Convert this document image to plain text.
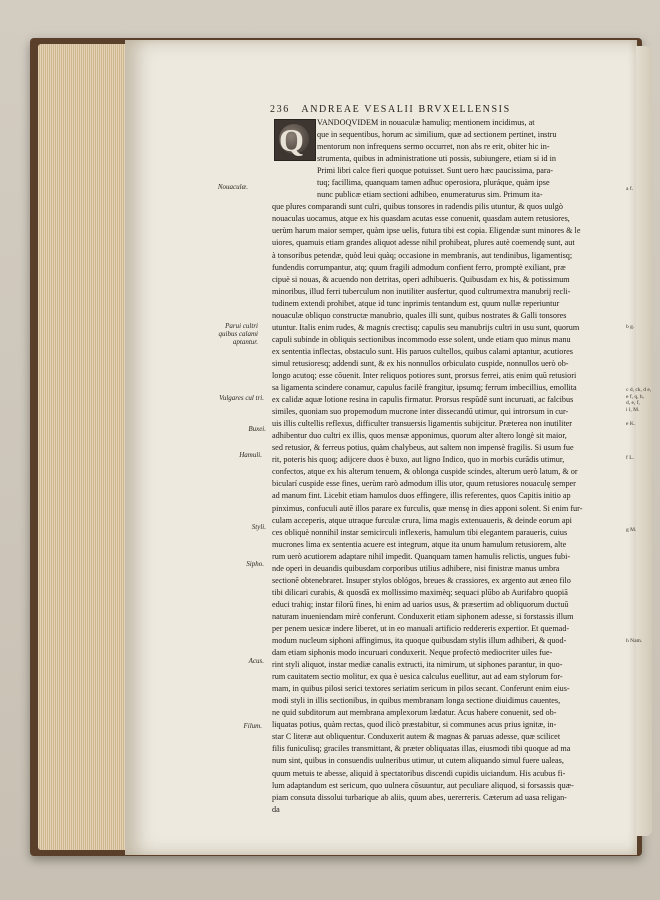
236 ANDREAE VESALII BRVXELLENSIS
Q	VANDOQVIDEM in nouaculæ hamuliq; mentionem incidimus, at
que in sequentibus, horum ac similium, quæ ad sectionem pertinet, instru
mentorum non infrequens sermo occurret, non abs re erit, obiter hic in-
strumenta, quibus in administratione uti possis, subiungere, etiam si id in
Primi libri calce fieri quoque potuisset. Sunt uero hæc paucissima, para-
tuq; facillima, quanquam tamen adhuc operosiora, pluráque, quàm ipse
nunc publicæ etiam sectioni adhibeo, enumeraturus sim. Primum ita-
que plures comparandi sunt culri, quibus tonsores in radendis pilis utuntur, & quos uulgò
nouaculas uocamus, atque ex his quasdam acutas esse conuenit, quasdam autem retusiores,
uerùm harum maior semper, quàm ipse uelis, futura tibi est copia. Eligendæ sunt minores & le
uiores, quamuis etiam grandes aliquot adesse nihil prohibeat, plures autè coemendę sunt, aut
à tonsoribus petendæ, quòd leui quàq; occasione in membranis, aut tendinibus, ligamentisq;
fundendis corrumpantur, atq; quum fragili admodum confient ferro, promptè exiliant, præ
cipuè si nouas, & acuendo non detritas, operi adhibueris. Quibusdam ex his, & potissimum
minoribus, illud ferri tuberculum non inutiliter ausfertur, quod cultrumextra manubrij recli-
tudinem extendi prohibet, atque id tunc inprimis tentandum est, quum nullæ reperiuntur
nouaculæ obliquo constructæ manubrio, quales illi sunt, quibus nostrates & Galli tonsores
utuntur. Italis enim rudes, & magnis crectisq; capulis seu manubrijs cultri in usu sunt, quorum
capuli subinde in obliquis sectionibus incommodo esse solent, unde etiam quo minus manu
ex sententia inflectas, obstaculo sunt. His paruos cultellos, quibus calami aptantur, acutiores
simul retusioresq; addendi sunt, & ex his nonnullos orbiculato cuspide, nonnullos uerò ob-
longo acutoq; esse cōuenit. Inter reliquos potiores sunt, prorsus ferrei, atis enim quū retusiori
sa ligamenta scindere conamur, capulus facilè frangitur, ipsumq; ferrum imbecillius, emollita
ex calidæ aquæ lotione resina in capulis firmatur. Prorsus respūdē sunt incuruati, ac falcibus
similes, quoniam suo propemodum mucrone inter dissecandū utimur, qui introrsum in cur-
uis illis cultellis reflexus, difficulter transuersis ligamentis subijcitur. Præterea non inutiliter
adhibentur duo cultri ex illis, quos mensæ apponimus, quorum alter altero longè sit maior,
sed retusior, & ferreus potius, quàm chalybeus, aut saltem non impensè fragilis. Si usum fue
rit, poteris his quoq; adijcere duos è buxo, aut ligno Indico, quo in morbis curādis utimur,
confectos, atque ex his alterum tenuem, & oblonga cuspide scindes, alterum uerò latum, & or
bicularí cuspide esse fines, uerùm rarò admodum illis utor, quum retusiores nouaculę semper
ad manum fint. Licebit etiam hamulos duos effingere, illis referentes, quos Capitis initio ap
pinximus, confuculi autē illos parare ex furculis, quæ mensę in dies apponi solent. Si enim fur-
culam acceperis, atque utraque furculæ crura, lima magis extenuaueris, & deinde eorum api
ces obliquè nonnihil instar semicirculi inflexeris, hamulum tibi elegantem paraueris, cuius
mucrones lima ex sententia acuere est integrum, atque ita unum hamulum retusiorem, alte
rum uerò acutiorem adaptare nihil impedit. Quanquam tamen hamulis relictis, ungues fubi-
nde operi in deuandis quibusdam corporibus utilius adhibere, nisi finistræ manus umbra
sectionē obtenebraret. Insuper stylos oblógos, breues & crassiores, ex argento aut æneo filo
tibi dilicari curabis, & quosdā ex mollissimo maximèq; sequaci plūbo ab Aurifabro quopiā
educi trahiq; instar filorū fines, hi enim ad uarios usus, & præsertim ad obliquorum ductuū
naturam inueniendam mirè conferunt. Conduxerit etiam siphonem adesse, si forstassis illum
per penem uesicæ indere liberet, ut in eo manuali artificio reddereris expertior. Et quemad-
modum nucleum siphoni affingimus, ita quoque quibusdam stylis illum adhiberi, & quod-
dam etiam siphonis modo incuruari conduxerit. Neque profectò mediocriter uiles fue-
rint styli aliquot, instar mediæ canalis extructi, ita nimirum, ut siphones parantur, in quo-
rum cauitatem sectio molitur, ex qua è uesica calculus euellitur, aut ad eam stylorum for-
mam, in quibus pilosi serici textores seriatim sericum in pilos secant. Conferunt enim eius-
modi styli in illis sectionibus, in quibus membranam longa sectione diuidimus cauentes,
ne quid subditorum aut membrana amplexorum lædatur. Acus habere conuenit, sed ob-
liquatas potius, quàm rectas, quod ilicò præstabitur, si communes acus prius ignitæ, in-
star C literæ aut obliquentur. Conduxerit autem & magnas & paruas adesse, quæ scilicet
filis funiculisq; graciles transmittant, & præter obliquatas illas, eiusmodi tibi quoque ad ma
num sint, quibus in consuendis uulneribus utimur, ut cutem aliquando simul fuere ualeas,
quum metuis te abesse, aliquid à spectatoribus discendi cupidis uiciandum. His acubus fi-
lum adaptandum est sericum, quo uulnera cōsuuntur, aut peculiare aliquod, si forsassis quæ-
piam consuta dissolui turbarique ab aliis, quum abes, uererreris. Cæterum ad uasa religan-
da
Nouaculæ.
Parui cultri quibus calami aptantur.
Vulgares cul tri.
Buxei.
Hamuli.
Styli.
Sipho.
Acus.
Filum.
a f.
b g.
c d, ck, d e,
e f, q, h,
d, e, f,
i l, M.
e K.
f L.
g M.
h Nam.
